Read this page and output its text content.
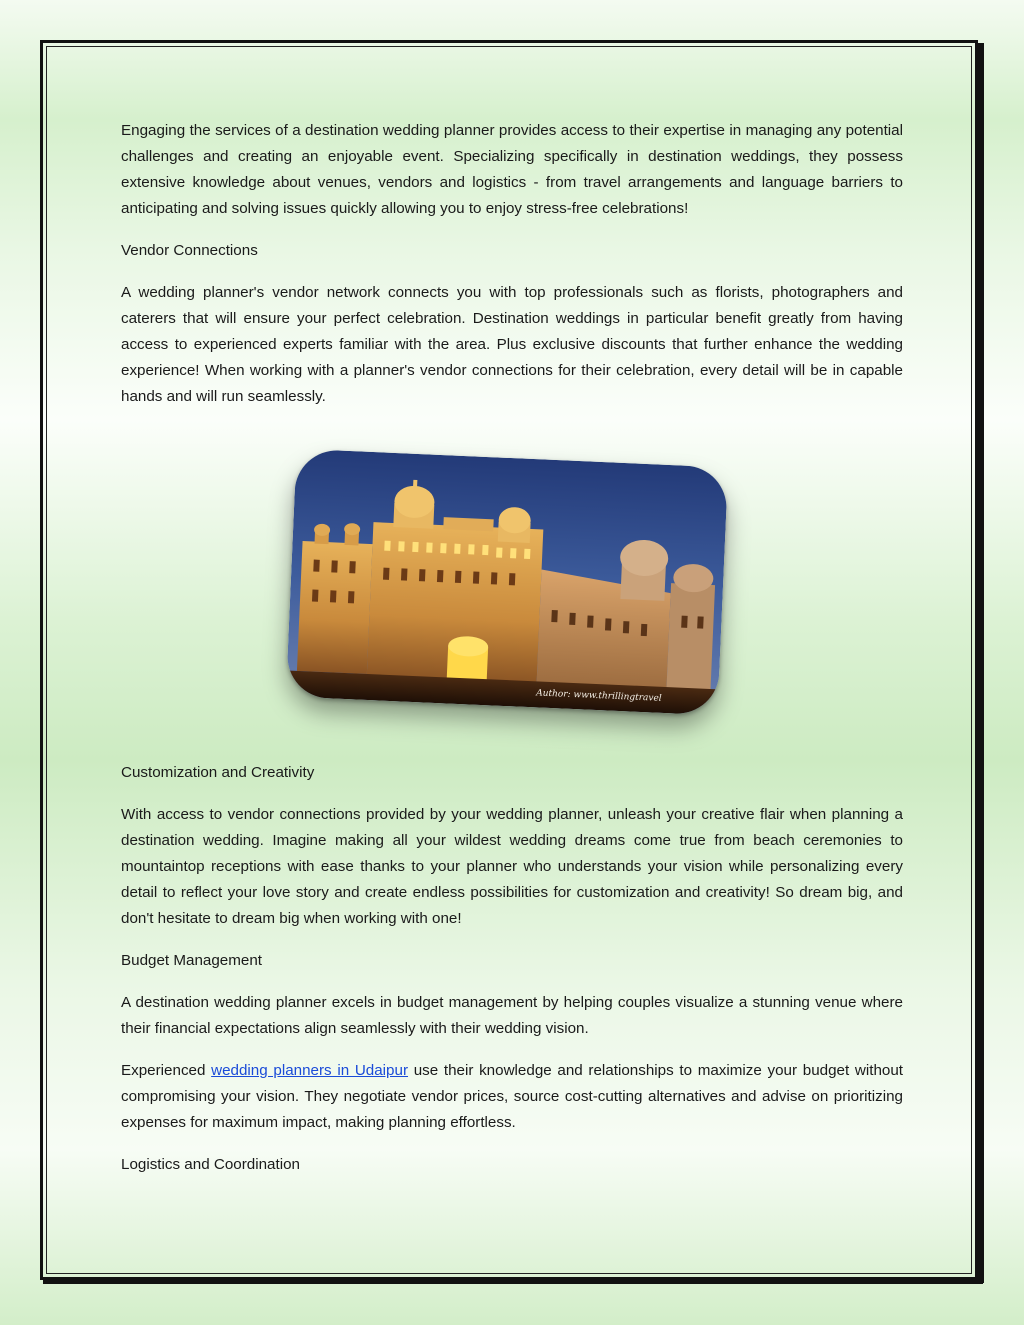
Engaging the services of a destination wedding planner provides access to their expertise in managing any potential challenges and creating an enjoyable event. Specializing specifically in destination weddings, they possess extensive knowledge about venues, vendors and logistics - from travel arrangements and language barriers to anticipating and solving issues quickly allowing you to enjoy stress-free celebrations!

Vendor Connections

A wedding planner's vendor network connects you with top professionals such as florists, photographers and caterers that will ensure your perfect celebration. Destination weddings in particular benefit greatly from having access to experienced experts familiar with the area. Plus exclusive discounts that further enhance the wedding experience! When working with a planner's vendor connections for their celebration, every detail will be in capable hands and will run seamlessly.

Author: www.thrillingtravel

Customization and Creativity

With access to vendor connections provided by your wedding planner, unleash your creative flair when planning a destination wedding. Imagine making all your wildest wedding dreams come true from beach ceremonies to mountaintop receptions with ease thanks to your planner who understands your vision while personalizing every detail to reflect your love story and create endless possibilities for customization and creativity! So dream big, and don't hesitate to dream big when working with one!

Budget Management

A destination wedding planner excels in budget management by helping couples visualize a stunning venue where their financial expectations align seamlessly with their wedding vision.

Experienced wedding planners in Udaipur use their knowledge and relationships to maximize your budget without compromising your vision. They negotiate vendor prices, source cost-cutting alternatives and advise on prioritizing expenses for maximum impact, making planning effortless.

Logistics and Coordination
